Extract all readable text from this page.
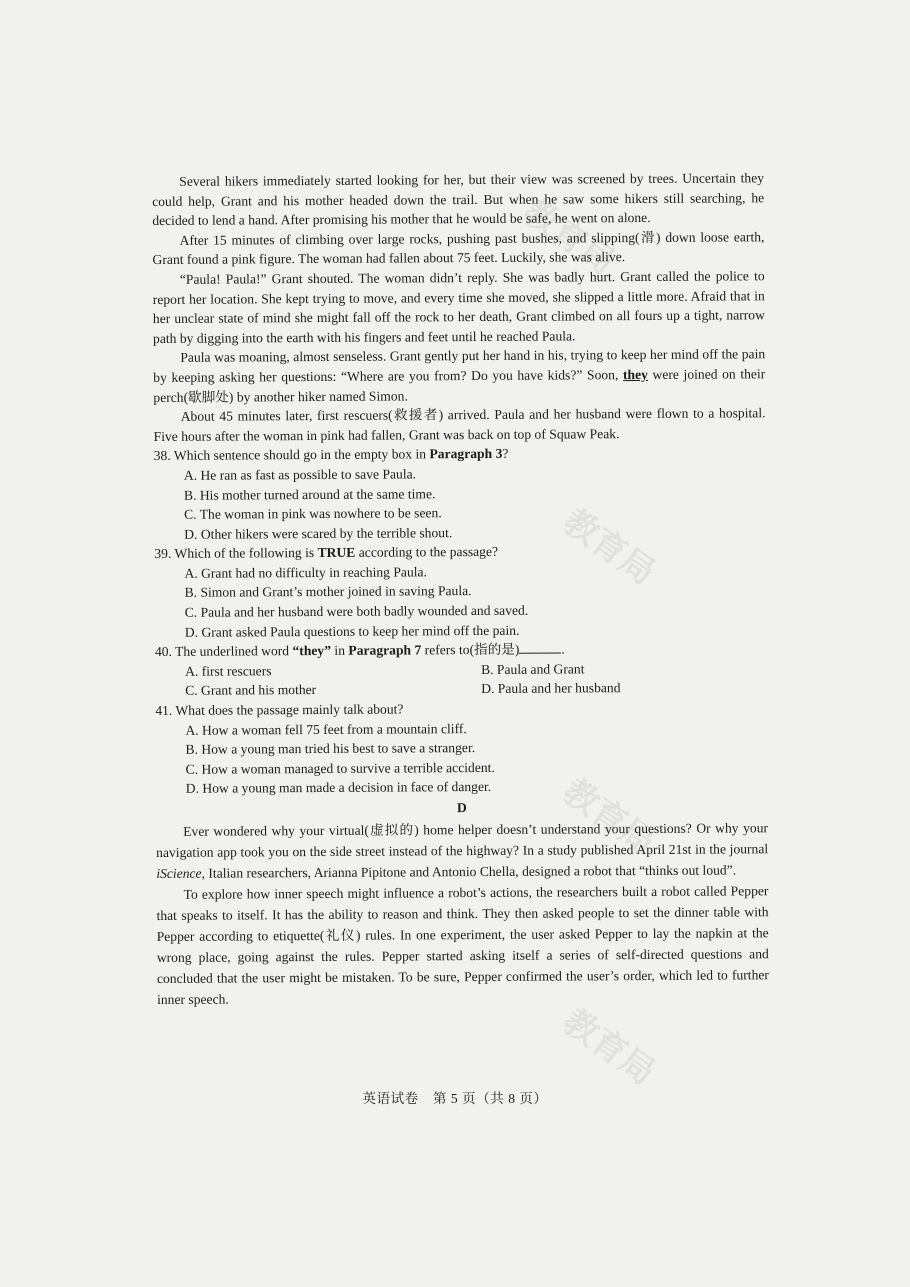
教育局
教育局
教育局
教育局

Several hikers immediately started looking for her, but their view was screened by trees. Uncertain they could help, Grant and his mother headed down the trail. But when he saw some hikers still searching, he decided to lend a hand. After promising his mother that he would be safe, he went on alone.

After 15 minutes of climbing over large rocks, pushing past bushes, and slipping(滑) down loose earth, Grant found a pink figure. The woman had fallen about 75 feet. Luckily, she was alive.

“Paula! Paula!” Grant shouted. The woman didn’t reply. She was badly hurt. Grant called the police to report her location. She kept trying to move, and every time she moved, she slipped a little more. Afraid that in her unclear state of mind she might fall off the rock to her death, Grant climbed on all fours up a tight, narrow path by digging into the earth with his fingers and feet until he reached Paula.

Paula was moaning, almost senseless. Grant gently put her hand in his, trying to keep her mind off the pain by keeping asking her questions: “Where are you from? Do you have kids?” Soon, they were joined on their perch(歇脚处) by another hiker named Simon.

About 45 minutes later, first rescuers(救援者) arrived. Paula and her husband were flown to a hospital. Five hours after the woman in pink had fallen, Grant was back on top of Squaw Peak.

38. Which sentence should go in the empty box in Paragraph 3?

A. He ran as fast as possible to save Paula.

B. His mother turned around at the same time.

C. The woman in pink was nowhere to be seen.

D. Other hikers were scared by the terrible shout.

39. Which of the following is TRUE according to the passage?

A. Grant had no difficulty in reaching Paula.

B. Simon and Grant’s mother joined in saving Paula.

C. Paula and her husband were both badly wounded and saved.

D. Grant asked Paula questions to keep her mind off the pain.

40. The underlined word “they” in Paragraph 7 refers to(指的是)	.

A. first rescuers	B. Paula and Grant
C. Grant and his mother	D. Paula and her husband

41. What does the passage mainly talk about?

A. How a woman fell 75 feet from a mountain cliff.

B. How a young man tried his best to save a stranger.

C. How a woman managed to survive a terrible accident.

D. How a young man made a decision in face of danger.

D

Ever wondered why your virtual(虚拟的) home helper doesn’t understand your questions? Or why your navigation app took you on the side street instead of the highway? In a study published April 21st in the journal iScience, Italian researchers, Arianna Pipitone and Antonio Chella, designed a robot that “thinks out loud”.

To explore how inner speech might influence a robot’s actions, the researchers built a robot called Pepper that speaks to itself. It has the ability to reason and think. They then asked people to set the dinner table with Pepper according to etiquette(礼仪) rules. In one experiment, the user asked Pepper to lay the napkin at the wrong place, going against the rules. Pepper started asking itself a series of self-directed questions and concluded that the user might be mistaken. To be sure, Pepper confirmed the user’s order, which led to further inner speech.

英语试卷　第 5 页（共 8 页）
